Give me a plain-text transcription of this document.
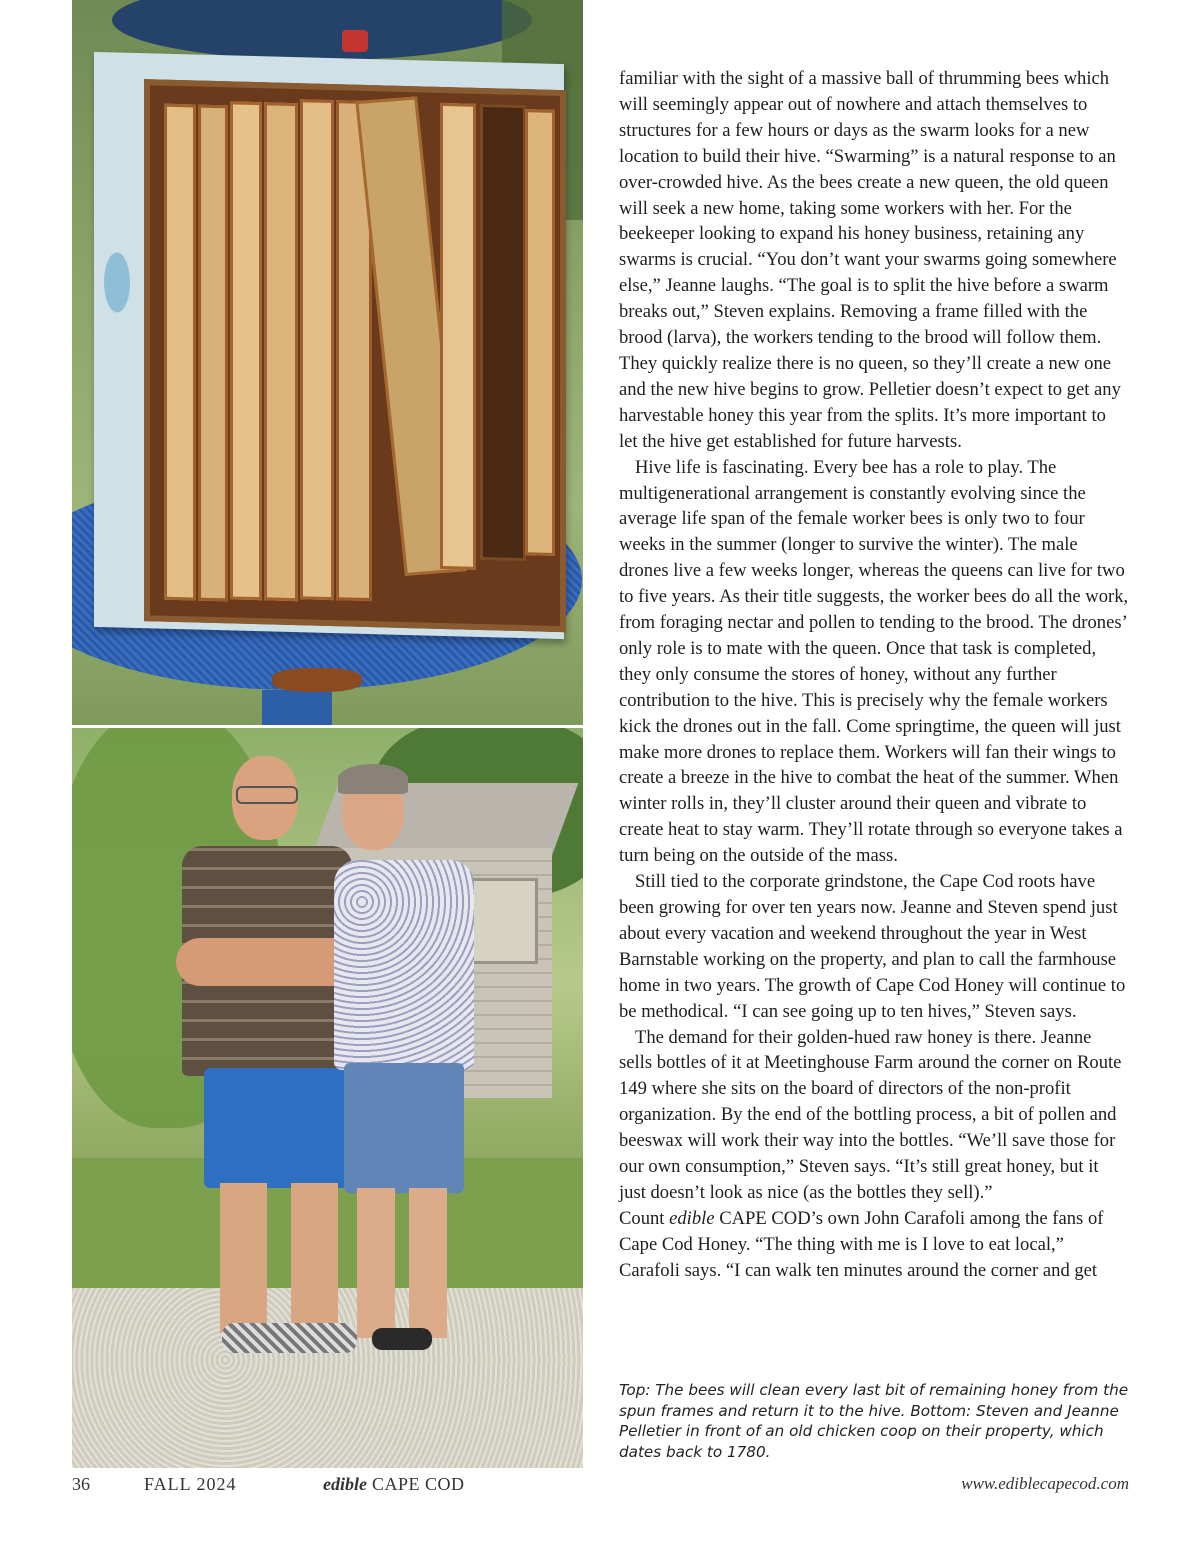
familiar with the sight of a massive ball of thrumming bees which will seemingly appear out of nowhere and attach themselves to structures for a few hours or days as the swarm looks for a new location to build their hive. “Swarming” is a natural response to an over-crowded hive. As the bees create a new queen, the old queen will seek a new home, taking some workers with her. For the beekeeper looking to expand his honey business, retaining any swarms is crucial. “You don’t want your swarms going somewhere else,” Jeanne laughs. “The goal is to split the hive before a swarm breaks out,” Steven explains. Removing a frame filled with the brood (larva), the workers tending to the brood will follow them. They quickly realize there is no queen, so they’ll create a new one and the new hive begins to grow. Pelletier doesn’t expect to get any harvestable honey this year from the splits. It’s more important to let the hive get established for future harvests.

Hive life is fascinating. Every bee has a role to play. The multigenerational arrangement is constantly evolving since the average life span of the female worker bees is only two to four weeks in the summer (longer to survive the winter). The male drones live a few weeks longer, whereas the queens can live for two to five years. As their title suggests, the worker bees do all the work, from foraging nectar and pollen to tending to the brood. The drones’ only role is to mate with the queen. Once that task is completed, they only consume the stores of honey, without any further contribution to the hive. This is precisely why the female workers kick the drones out in the fall. Come springtime, the queen will just make more drones to replace them. Workers will fan their wings to create a breeze in the hive to combat the heat of the summer. When winter rolls in, they’ll cluster around their queen and vibrate to create heat to stay warm. They’ll rotate through so everyone takes a turn being on the outside of the mass.

Still tied to the corporate grindstone, the Cape Cod roots have been growing for over ten years now. Jeanne and Steven spend just about every vacation and weekend throughout the year in West Barnstable working on the property, and plan to call the farmhouse home in two years. The growth of Cape Cod Honey will continue to be methodical. “I can see going up to ten hives,” Steven says.

The demand for their golden-hued raw honey is there. Jeanne sells bottles of it at Meetinghouse Farm around the corner on Route 149 where she sits on the board of directors of the non-profit organization. By the end of the bottling process, a bit of pollen and beeswax will work their way into the bottles. “We’ll save those for our own consumption,” Steven says. “It’s still great honey, but it just doesn’t look as nice (as the bottles they sell).”

Count edible CAPE COD’s own John Carafoli among the fans of Cape Cod Honey. “The thing with me is I love to eat local,” Carafoli says. “I can walk ten minutes around the corner and get

Top: The bees will clean every last bit of remaining honey from the spun frames and return it to the hive. Bottom: Steven and Jeanne Pelletier in front of an old chicken coop on their property, which dates back to 1780.
36	FALL 2024	edible CAPE COD	www.ediblecapecod.com
